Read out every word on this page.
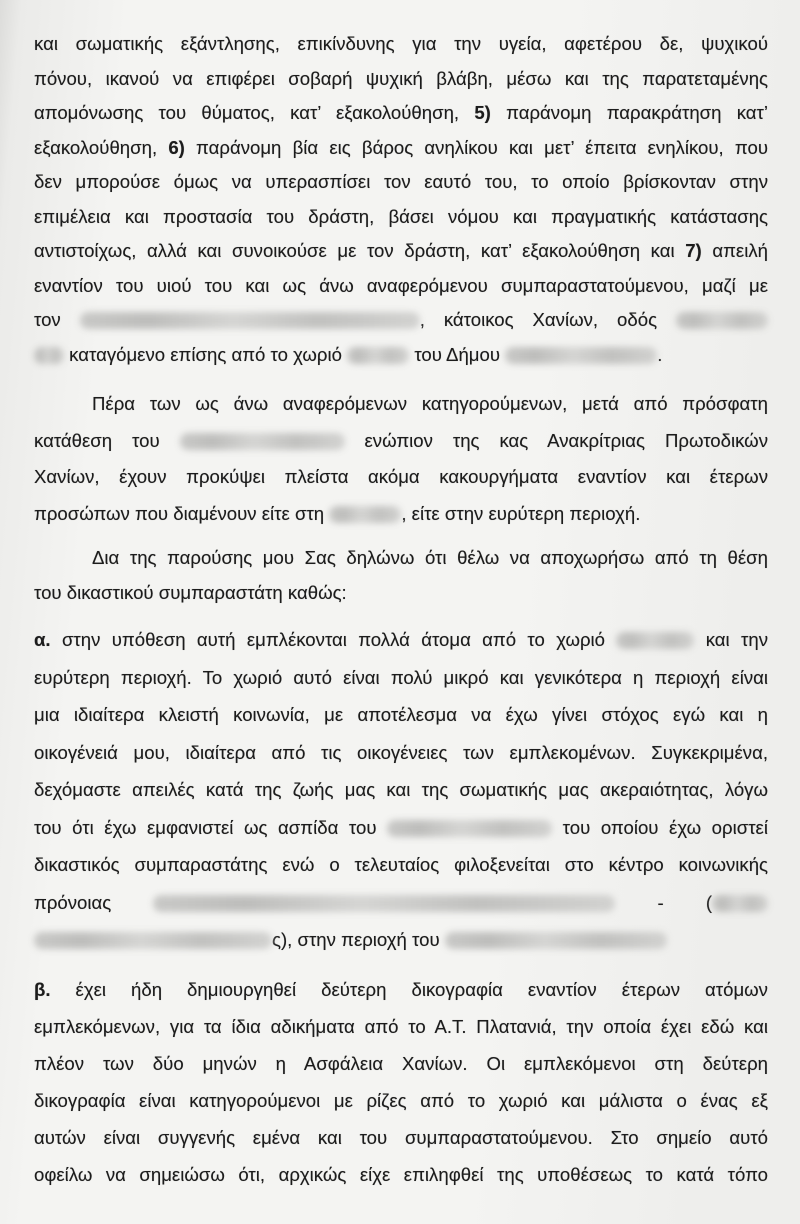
και σωματικής εξάντλησης, επικίνδυνης για την υγεία, αφετέρου δε, ψυχικού
πόνου, ικανού να επιφέρει σοβαρή ψυχική βλάβη, μέσω και της παρατεταμένης
απομόνωσης του θύματος, κατ’ εξακολούθηση, 5) παράνομη παρακράτηση κατ’
εξακολούθηση, 6) παράνομη βία εις βάρος ανηλίκου και μετ’ έπειτα ενηλίκου, που
δεν μπορούσε όμως να υπερασπίσει τον εαυτό του, το οποίο βρίσκονταν στην
επιμέλεια και προστασία του δράστη, βάσει νόμου και πραγματικής κατάστασης
αντιστοίχως, αλλά και συνοικούσε με τον δράστη, κατ’ εξακολούθηση και 7) απειλή
εναντίον του υιού του και ως άνω αναφερόμενου συμπαραστατούμενου, μαζί με
τον	, κάτοικος Χανίων, οδός
καταγόμενο επίσης από το χωριό	του Δήμου	.
Πέρα των ως άνω αναφερόμενων κατηγορούμενων, μετά από πρόσφατη
κατάθεση του	ενώπιον της κας Ανακρίτριας Πρωτοδικών
Χανίων, έχουν προκύψει πλείστα ακόμα κακουργήματα εναντίον και έτερων
προσώπων που διαμένουν είτε στη	, είτε στην ευρύτερη περιοχή.
Δια της παρούσης μου Σας δηλώνω ότι θέλω να αποχωρήσω από τη θέση
του δικαστικού συμπαραστάτη καθώς:
α. στην υπόθεση αυτή εμπλέκονται πολλά άτομα από το χωριό	και την
ευρύτερη περιοχή. Το χωριό αυτό είναι πολύ μικρό και γενικότερα η περιοχή είναι
μια ιδιαίτερα κλειστή κοινωνία, με αποτέλεσμα να έχω γίνει στόχος εγώ και η
οικογένειά μου, ιδιαίτερα από τις οικογένειες των εμπλεκομένων. Συγκεκριμένα,
δεχόμαστε απειλές κατά της ζωής μας και της σωματικής μας ακεραιότητας, λόγω
του ότι έχω εμφανιστεί ως ασπίδα του	του οποίου έχω οριστεί
δικαστικός συμπαραστάτης ενώ ο τελευταίος φιλοξενείται στο κέντρο κοινωνικής
πρόνοιας	- (
ς), στην περιοχή του
β. έχει ήδη δημιουργηθεί δεύτερη δικογραφία εναντίον έτερων ατόμων
εμπλεκόμενων, για τα ίδια αδικήματα από το Α.Τ. Πλατανιά, την οποία έχει εδώ και
πλέον των δύο μηνών η Ασφάλεια Χανίων. Οι εμπλεκόμενοι στη δεύτερη
δικογραφία είναι κατηγορούμενοι με ρίζες από το χωριό και μάλιστα ο ένας εξ
αυτών είναι συγγενής εμένα και του συμπαραστατούμενου. Στο σημείο αυτό
οφείλω να σημειώσω ότι, αρχικώς είχε επιληφθεί της υποθέσεως το κατά τόπο
